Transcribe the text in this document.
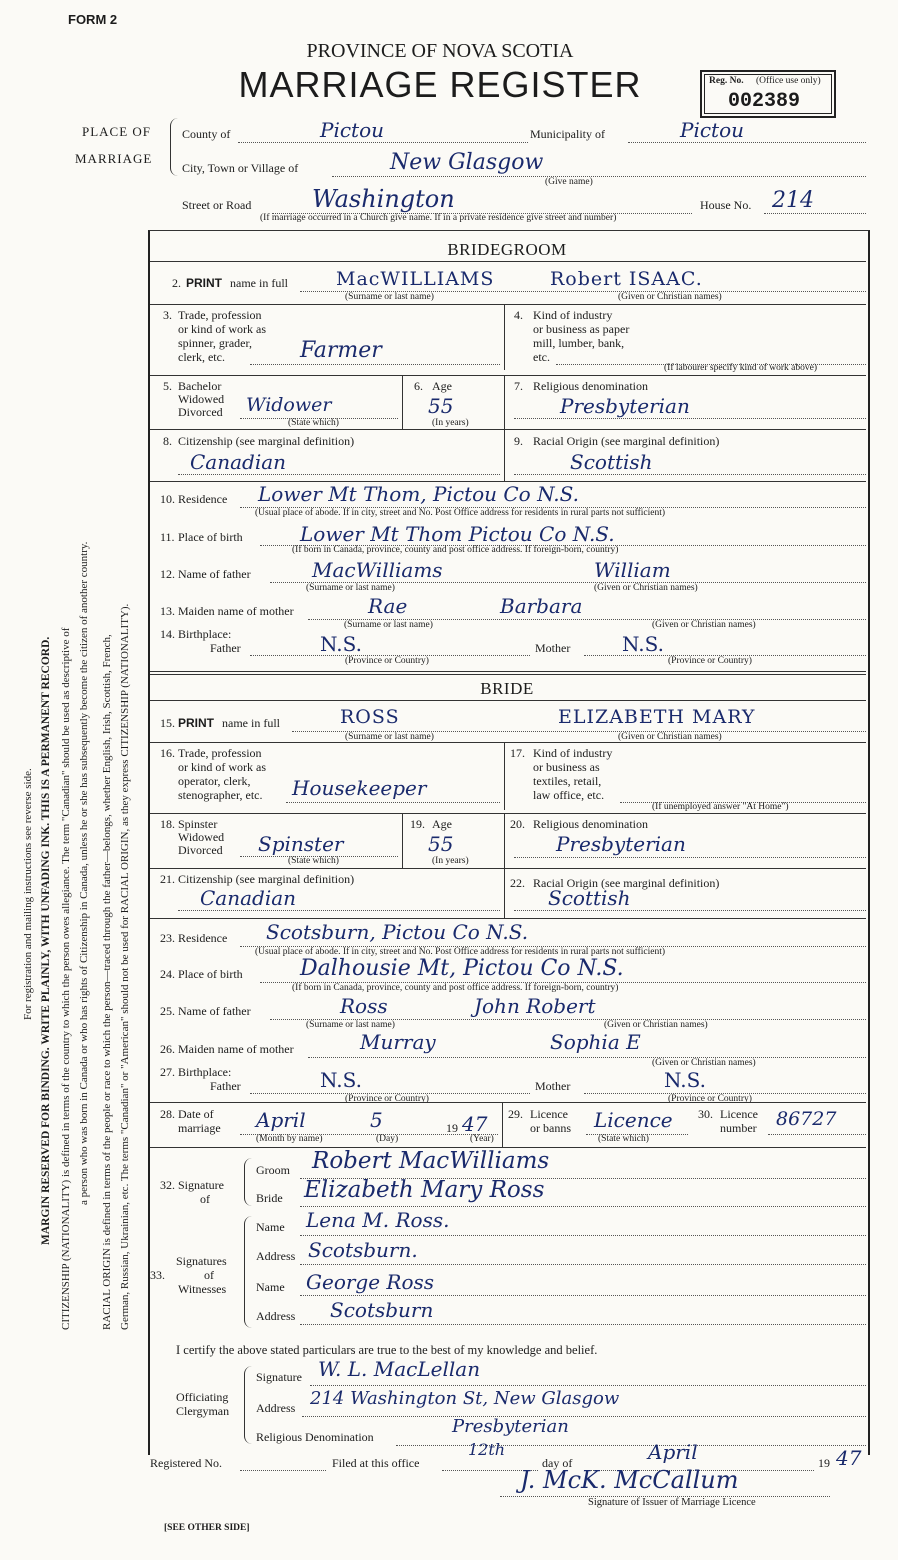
FORM 2
PROVINCE OF NOVA SCOTIA
MARRIAGE REGISTER	Reg. No. (Office use only)
002389
PLACE OF
MARRIAGE
County of	Pictou	Municipality of	Pictou
City, Town or Village of	New Glasgow
(Give name)
Street or Road	Washington	House No. 214
(If marriage occurred in a Church give name. If in a private residence give street and number)
For registration and mailing instructions see reverse side. MARGIN RESERVED FOR BINDING. WRITE PLAINLY, WITH UNFADING INK. THIS IS A PERMANENT RECORD. CITIZENSHIP (NATIONALITY) is defined in terms of the country to which the person owes allegiance. The term "Canadian" should be used as descriptive of a person who was born in Canada or who has rights of Citizenship in Canada, unless he or she has subsequently become the citizen of another country. RACIAL ORIGIN is defined in terms of the people or race to which the person—traced through the father—belongs, whether English, Irish, Scottish, French, German, Russian, Ukrainian, etc. The terms "Canadian" or "American" should not be used for RACIAL ORIGIN, as they express CITIZENSHIP (NATIONALITY).
BRIDEGROOM
2. PRINT name in full	MacWILLIAMS	Robert ISAAC.
(Surname or last name)	(Given or Christian names)
3. Trade, profession
or kind of work as
spinner, grader,
clerk, etc.	Farmer
4. Kind of industry
or business as paper
mill, lumber, bank,
etc.
(If labourer specify kind of work above)
5. Bachelor
Widowed
Divorced Widower
(State which)
6. Age
55
(In years)
7. Religious denomination
Presbyterian
8. Citizenship (see marginal definition)
Canadian
9. Racial Origin (see marginal definition)
Scottish
10. Residence Lower Mt Thom, Pictou Co N.S.
(Usual place of abode. If in city, street and No. Post Office address for residents in rural parts not sufficient)
11. Place of birth	Lower Mt Thom Pictou Co N.S.
(If born in Canada, province, county and post office address. If foreign-born, country)
12. Name of father	MacWilliams	William
(Surname or last name)	(Given or Christian names)
13. Maiden name of mother	Rae	Barbara
(Surname or last name)	(Given or Christian names)
14. Birthplace:
Father	N.S.	Mother	N.S.
(Province or Country)	(Province or Country)
BRIDE
15. PRINT name in full	ROSS	ELIZABETH MARY
(Surname or last name)	(Given or Christian names)
16. Trade, profession
or kind of work as
operator, clerk,
stenographer, etc. Housekeeper
17. Kind of industry
or business as
textiles, retail,
law office, etc.
(If unemployed answer "At Home")
18. Spinster
Widowed
Divorced Spinster
(State which)
19. Age
55
(In years)
20. Religious denomination
Presbyterian
21. Citizenship (see marginal definition)
Canadian
22. Racial Origin (see marginal definition)
Scottish
23. Residence Scotsburn, Pictou Co N.S.
(Usual place of abode. If in city, street and No. Post Office address for residents in rural parts not sufficient)
24. Place of birth	Dalhousie Mt, Pictou Co N.S.
(If born in Canada, province, county and post office address. If foreign-born, country)
25. Name of father	Ross	John Robert
(Surname or last name)	(Given or Christian names)
26. Maiden name of mother	Murray	Sophia E
(Given or Christian names)
27. Birthplace:
Father	N.S.	Mother	N.S.
(Province or Country)	(Province or Country)
28. Date of
marriage April	5	19 47
(Month by name)	(Day)	(Year)
29. Licence
or banns Licence
(State which)
30. Licence
number 86727
32. Signature
of
Groom Robert MacWilliams
Bride Elizabeth Mary Ross
Signatures
of
33.
Witnesses
Name Lena M. Ross.
Address Scotsburn.
Name George Ross
Address Scotsburn
I certify the above stated particulars are true to the best of my knowledge and belief.
Officiating
Clergyman
Signature W. L. MacLellan
Address 214 Washington St, New Glasgow
Religious Denomination	Presbyterian
Registered No.	Filed at this office
12th
day of	April	19 47
J. McK. McCallum
Signature of Issuer of Marriage Licence
[SEE OTHER SIDE]
